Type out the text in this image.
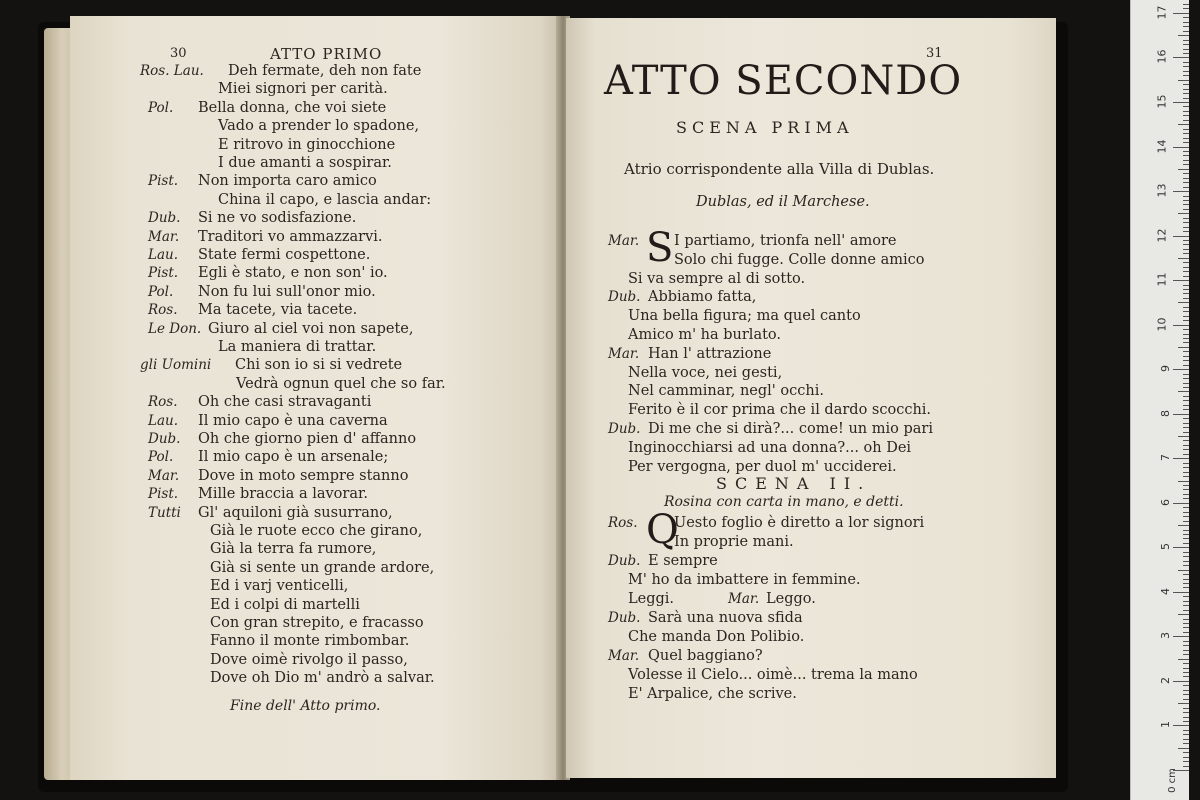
30	ATTO PRIMO
Ros. Lau. Deh fermate, deh non fate
Miei signori per carità.
Pol. Bella donna, che voi siete
Vado a prender lo spadone,
E ritrovo in ginocchione
I due amanti a sospirar.
Pist. Non importa caro amico
China il capo, e lascia andar:
Dub. Si ne vo sodisfazione.
Mar. Traditori vo ammazzarvi.
Lau. State fermi cospettone.
Pist. Egli è stato, e non son' io.
Pol. Non fu lui sull'onor mio.
Ros. Ma tacete, via tacete.
Le Don. Giuro al ciel voi non sapete,
La maniera di trattar.
gli Uomini Chi son io si si vedrete
Vedrà ognun quel che so far.
Ros. Oh che casi stravaganti
Lau. Il mio capo è una caverna
Dub. Oh che giorno pien d' affanno
Pol. Il mio capo è un arsenale;
Mar. Dove in moto sempre stanno
Pist. Mille braccia a lavorar.
Tutti Gl' aquiloni già susurrano,
Già le ruote ecco che girano,
Già la terra fa rumore,
Già si sente un grande ardore,
Ed i varj venticelli,
Ed i colpi di martelli
Con gran strepito, e fracasso
Fanno il monte rimbombar.
Dove oimè rivolgo il passo,
Dove oh Dio m' andrò a salvar.
Fine dell' Atto primo.
31
ATTO SECONDO
SCENA PRIMA
Atrio corrispondente alla Villa di Dublas.
Dublas, ed il Marchese.
Mar. S I partiamo, trionfa nell' amore
Solo chi fugge. Colle donne amico
Si va sempre al di sotto.
Dub. Abbiamo fatta,
Una bella figura; ma quel canto
Amico m' ha burlato.
Mar. Han l' attrazione
Nella voce, nei gesti,
Nel camminar, negl' occhi.
Ferito è il cor prima che il dardo scocchi.
Dub. Di me che si dirà?... come! un mio pari
Inginocchiarsi ad una donna?... oh Dei
Per vergogna, per duol m' ucciderei.
SCENA II.
Rosina con carta in mano, e detti.
Ros. Q
Uesto foglio è diretto a lor signori
In proprie mani.
Dub. E sempre
M' ho da imbattere in femmine.
Leggi.	Mar. Leggo.
Dub. Sarà una nuova sfida
Che manda Don Polibio.
Mar. Quel baggiano?
Volesse il Cielo... oimè... trema la mano
E' Arpalice, che scrive.
1
2
3
4
5
6
7
8
9
10
11
12
13
14
15
16
17
0 cm
